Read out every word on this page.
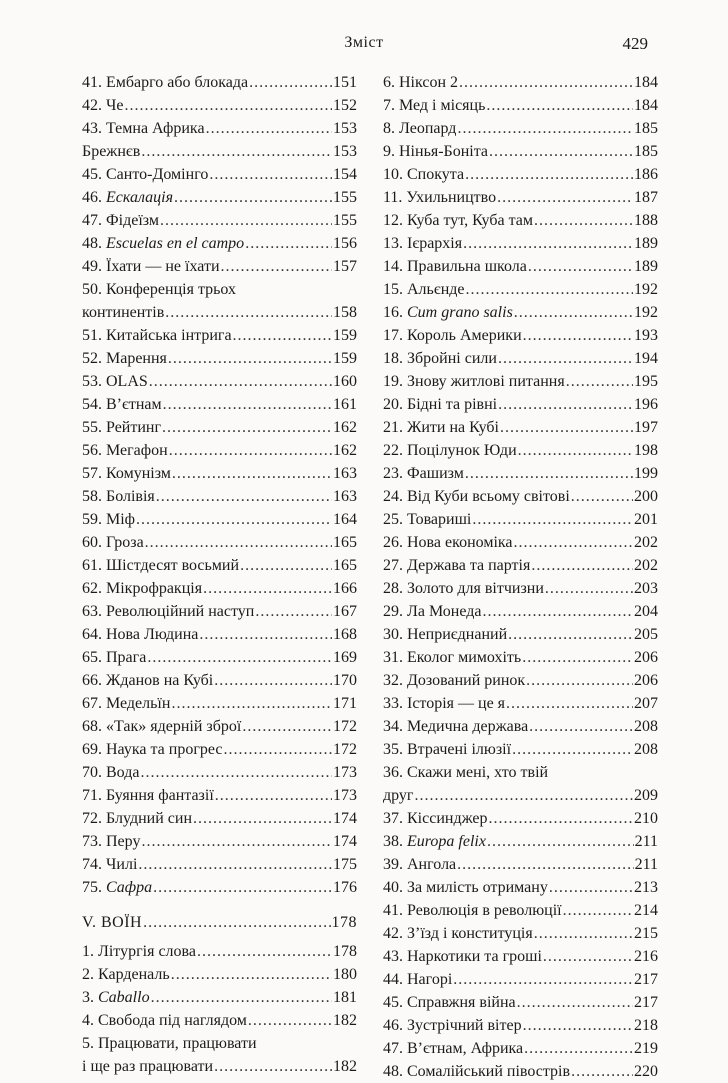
Зміст	429
41. Ембарго або блокада .....	151
42. Че .....	152
43. Темна Африка .....	153
Брежнєв .....	153
45. Санто-Домінго .....	154
46. Ескалація .....	155
47. Фідеїзм .....	155
48. Escuelas en el campo .....	156
49. Їхати — не їхати .....	157
50. Конференція трьох
континентів .....	158
51. Китайська інтрига .....	159
52. Марення .....	159
53. OLAS .....	160
54. В’єтнам .....	161
55. Рейтинг .....	162
56. Мегафон .....	162
57. Комунізм .....	163
58. Болівія .....	163
59. Міф .....	164
60. Гроза .....	165
61. Шістдесят восьмий .....	165
62. Мікрофракція .....	166
63. Революційний наступ .....	167
64. Нова Людина .....	168
65. Прага .....	169
66. Жданов на Кубі .....	170
67. Медельїн .....	171
68. «Так» ядерній зброї .....	172
69. Наука та прогрес .....	172
70. Вода .....	173
71. Буяння фантазії .....	173
72. Блудний син .....	174
73. Перу .....	174
74. Чилі .....	175
75. Сафра .....	176
V. ВОЇН .....	178
1. Літургія слова .....	178
2. Карденаль .....	180
3. Caballo .....	181
4. Свобода під наглядом .....	182
5. Працювати, працювати
і ще раз працювати .....	182
6. Ніксон 2 .....	184
7. Мед і місяць .....	184
8. Леопард .....	185
9. Нінья-Боніта .....	185
10. Спокута .....	186
11. Ухильництво .....	187
12. Куба тут, Куба там .....	188
13. Ієрархія .....	189
14. Правильна школа .....	189
15. Альєнде .....	192
16. Cum grano salis .....	192
17. Король Америки .....	193
18. Збройні сили .....	194
19. Знову житлові питання .....	195
20. Бідні та рівні .....	196
21. Жити на Кубі .....	197
22. Поцілунок Юди .....	198
23. Фашизм .....	199
24. Від Куби всьому світові .....	200
25. Товариші .....	201
26. Нова економіка .....	202
27. Держава та партія .....	202
28. Золото для вітчизни .....	203
29. Ла Монеда .....	204
30. Неприєднаний .....	205
31. Еколог мимохіть .....	206
32. Дозований ринок .....	206
33. Історія — це я .....	207
34. Медична держава .....	208
35. Втрачені ілюзії .....	208
36. Скажи мені, хто твій
друг .....	209
37. Кіссинджер .....	210
38. Europa felix .....	211
39. Ангола .....	211
40. За милість отриману .....	213
41. Революція в революції .....	214
42. З’їзд і конституція .....	215
43. Наркотики та гроші .....	216
44. Нагорі .....	217
45. Справжня війна .....	217
46. Зустрічний вітер .....	218
47. В’єтнам, Африка .....	219
48. Сомалійський півострів .....	220
